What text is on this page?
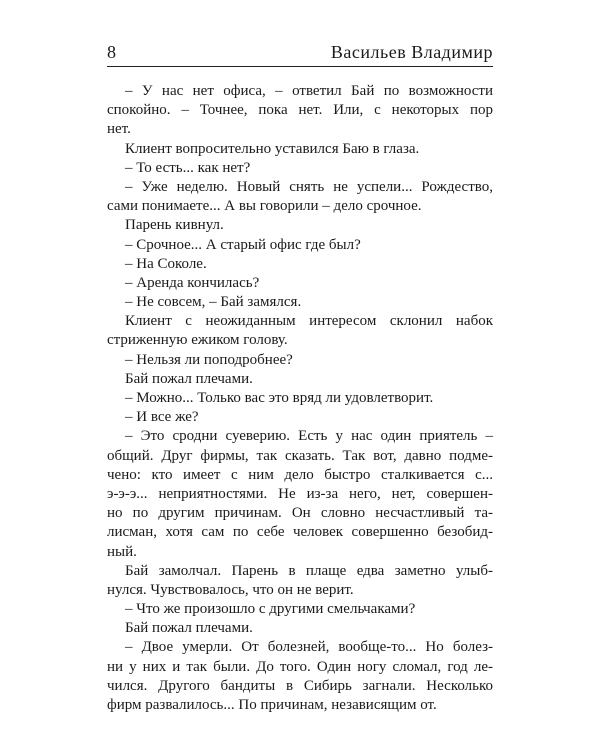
8	Васильев Владимир
– У нас нет офиса, – ответил Бай по возможности
спокойно. – Точнее, пока нет. Или, с некоторых пор
нет.
Клиент вопросительно уставился Баю в глаза.
– То есть... как нет?
– Уже неделю. Новый снять не успели... Рождество,
сами понимаете... А вы говорили – дело срочное.
Парень кивнул.
– Срочное... А старый офис где был?
– На Соколе.
– Аренда кончилась?
– Не совсем, – Бай замялся.
Клиент с неожиданным интересом склонил набок
стриженную ежиком голову.
– Нельзя ли поподробнее?
Бай пожал плечами.
– Можно... Только вас это вряд ли удовлетворит.
– И все же?
– Это сродни суеверию. Есть у нас один приятель –
общий. Друг фирмы, так сказать. Так вот, давно подме-
чено: кто имеет с ним дело быстро сталкивается с...
э-э-э... неприятностями. Не из-за него, нет, совершен-
но по другим причинам. Он словно несчастливый та-
лисман, хотя сам по себе человек совершенно безобид-
ный.
Бай замолчал. Парень в плаще едва заметно улыб-
нулся. Чувствовалось, что он не верит.
– Что же произошло с другими смельчаками?
Бай пожал плечами.
– Двое умерли. От болезней, вообще-то... Но болез-
ни у них и так были. До того. Один ногу сломал, год ле-
чился. Другого бандиты в Сибирь загнали. Несколько
фирм развалилось... По причинам, независящим от.
